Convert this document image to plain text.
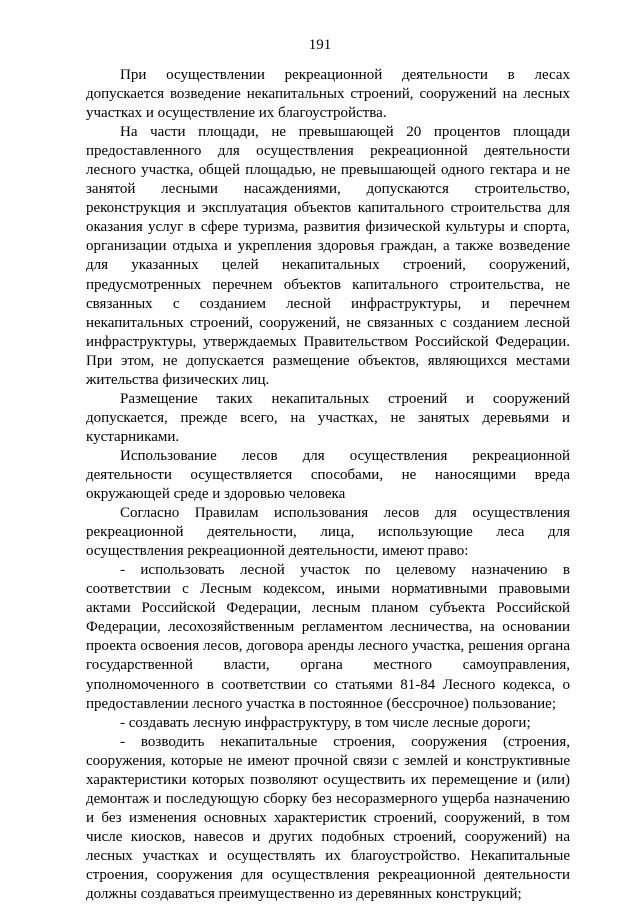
191

При осуществлении рекреационной деятельности в лесах допускается возведение некапитальных строений, сооружений на лесных участках и осуществление их благоустройства.

На части площади, не превышающей 20 процентов площади предоставленного для осуществления рекреационной деятельности лесного участка, общей площадью, не превышающей одного гектара и не занятой лесными насаждениями, допускаются строительство, реконструкция и эксплуатация объектов капитального строительства для оказания услуг в сфере туризма, развития физической культуры и спорта, организации отдыха и укрепления здоровья граждан, а также возведение для указанных целей некапитальных строений, сооружений, предусмотренных перечнем объектов капитального строительства, не связанных с созданием лесной инфраструктуры, и перечнем некапитальных строений, сооружений, не связанных с созданием лесной инфраструктуры, утверждаемых Правительством Российской Федерации. При этом, не допускается размещение объектов, являющихся местами жительства физических лиц.

Размещение таких некапитальных строений и сооружений допускается, прежде всего, на участках, не занятых деревьями и кустарниками.

Использование лесов для осуществления рекреационной деятельности осуществляется способами, не наносящими вреда окружающей среде и здоровью человека

Согласно Правилам использования лесов для осуществления рекреационной деятельности, лица, использующие леса для осуществления рекреационной деятельности, имеют право:

- использовать лесной участок по целевому назначению в соответствии с Лесным кодексом, иными нормативными правовыми актами Российской Федерации, лесным планом субъекта Российской Федерации, лесохозяйственным регламентом лесничества, на основании проекта освоения лесов, договора аренды лесного участка, решения органа государственной власти, органа местного самоуправления, уполномоченного в соответствии со статьями 81-84 Лесного кодекса, о предоставлении лесного участка в постоянное (бессрочное) пользование;

- создавать лесную инфраструктуру, в том числе лесные дороги;

- возводить некапитальные строения, сооружения (строения, сооружения, которые не имеют прочной связи с землей и конструктивные характеристики которых позволяют осуществить их перемещение и (или) демонтаж и последующую сборку без несоразмерного ущерба назначению и без изменения основных характеристик строений, сооружений, в том числе киосков, навесов и других подобных строений, сооружений) на лесных участках и осуществлять их благоустройство. Некапитальные строения, сооружения для осуществления рекреационной деятельности должны создаваться преимущественно из деревянных конструкций;
